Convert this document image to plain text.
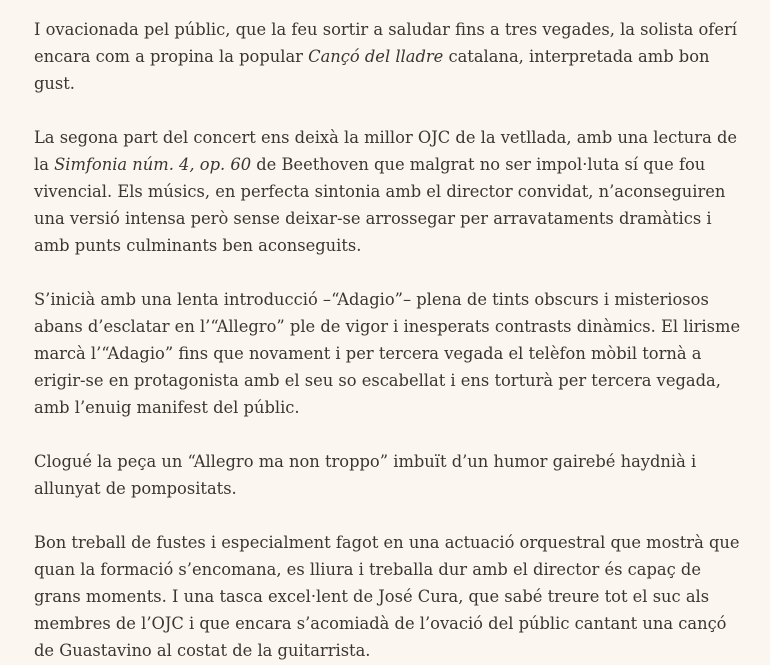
I ovacionada pel públic, que la feu sortir a saludar fins a tres vegades, la solista oferí encara com a propina la popular Cançó del lladre catalana, interpretada amb bon gust.

La segona part del concert ens deixà la millor OJC de la vetllada, amb una lectura de la Simfonia núm. 4, op. 60 de Beethoven que malgrat no ser impol·luta sí que fou vivencial. Els músics, en perfecta sintonia amb el director convidat, n’aconseguiren una versió intensa però sense deixar-se arrossegar per arravataments dramàtics i amb punts culminants ben aconseguits.

S’inicià amb una lenta introducció –“Adagio”– plena de tints obscurs i misteriosos abans d’esclatar en l’“Allegro” ple de vigor i inesperats contrasts dinàmics. El lirisme marcà l’“Adagio” fins que novament i per tercera vegada el telèfon mòbil tornà a erigir-se en protagonista amb el seu so escabellat i ens torturà per tercera vegada, amb l’enuig manifest del públic.

Clogué la peça un “Allegro ma non troppo” imbuït d’un humor gairebé haydnià i allunyat de pompositats.

Bon treball de fustes i especialment fagot en una actuació orquestral que mostrà que quan la formació s’encomana, es lliura i treballa dur amb el director és capaç de grans moments. I una tasca excel·lent de José Cura, que sabé treure tot el suc als membres de l’OJC i que encara s’acomiadà de l’ovació del públic cantant una cançó de Guastavino al costat de la guitarrista.
